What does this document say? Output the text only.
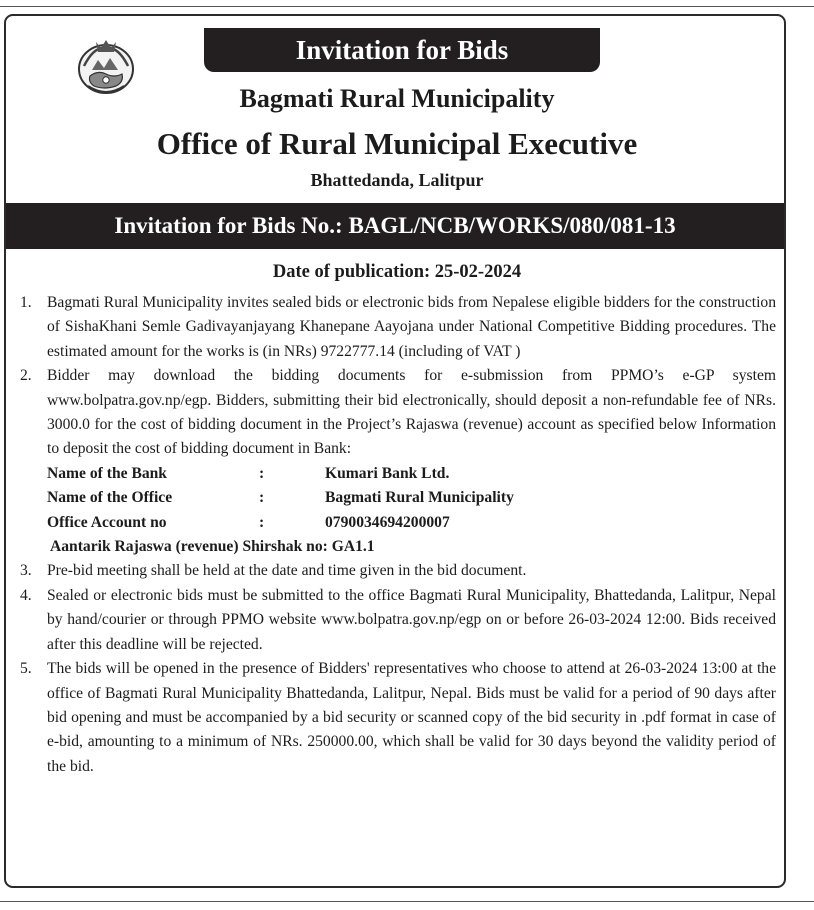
Invitation for Bids
Bagmati Rural Municipality
Office of Rural Municipal Executive
Bhattedanda, Lalitpur
Invitation for Bids No.: BAGL/NCB/WORKS/080/081-13
Date of publication: 25-02-2024
1. Bagmati Rural Municipality invites sealed bids or electronic bids from Nepalese eligible bidders for the construction of SishaKhani Semle Gadivayanjayang Khanepane Aayojana under National Competitive Bidding procedures. The estimated amount for the works is (in NRs) 9722777.14 (including of VAT )
2. Bidder may download the bidding documents for e-submission from PPMO’s e-GP system www.bolpatra.gov.np/egp. Bidders, submitting their bid electronically, should deposit a non-refundable fee of NRs. 3000.0 for the cost of bidding document in the Project’s Rajaswa (revenue) account as specified below Information to deposit the cost of bidding document in Bank:
Name of the Bank	:	Kumari Bank Ltd.
Name of the Office	:	Bagmati Rural Municipality
Office Account no	:	0790034694200007
Aantarik Rajaswa (revenue) Shirshak no: GA1.1
3. Pre-bid meeting shall be held at the date and time given in the bid document.
4. Sealed or electronic bids must be submitted to the office Bagmati Rural Municipality, Bhattedanda, Lalitpur, Nepal by hand/courier or through PPMO website www.bolpatra.gov.np/egp on or before 26-03-2024 12:00. Bids received after this deadline will be rejected.
5. The bids will be opened in the presence of Bidders' representatives who choose to attend at 26-03-2024 13:00 at the office of Bagmati Rural Municipality Bhattedanda, Lalitpur, Nepal. Bids must be valid for a period of 90 days after bid opening and must be accompanied by a bid security or scanned copy of the bid security in .pdf format in case of e-bid, amounting to a minimum of NRs. 250000.00, which shall be valid for 30 days beyond the validity period of the bid.
